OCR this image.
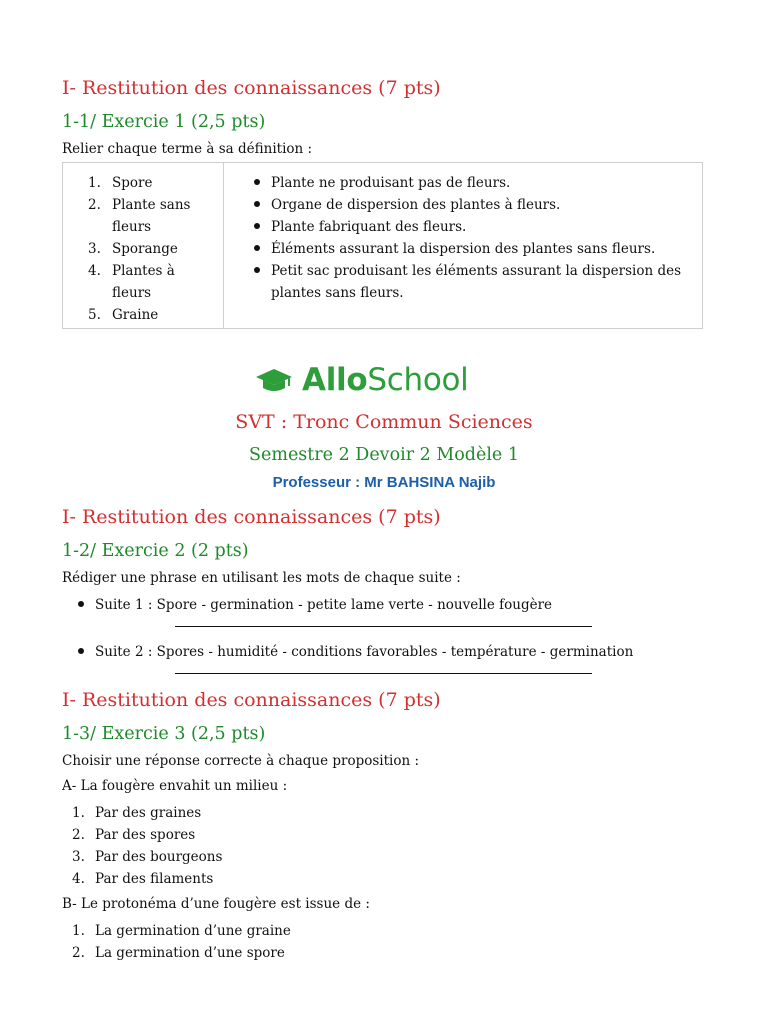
I- Restitution des connaissances (7 pts)
1-1/ Exercie 1 (2,5 pts)
Relier chaque terme à sa définition :
1. Spore
2. Plante sans
fleurs
3. Sporange
4. Plantes à
fleurs
5. Graine
Plante ne produisant pas de fleurs.
Organe de dispersion des plantes à fleurs.
Plante fabriquant des fleurs.
Éléments assurant la dispersion des plantes sans fleurs.
Petit sac produisant les éléments assurant la dispersion des plantes sans fleurs.
AlloSchool
SVT : Tronc Commun Sciences
Semestre 2 Devoir 2 Modèle 1
Professeur : Mr BAHSINA Najib
I- Restitution des connaissances (7 pts)
1-2/ Exercie 2 (2 pts)
Rédiger une phrase en utilisant les mots de chaque suite :
Suite 1 : Spore - germination - petite lame verte - nouvelle fougère
Suite 2 : Spores - humidité - conditions favorables - température - germination
I- Restitution des connaissances (7 pts)
1-3/ Exercie 3 (2,5 pts)
Choisir une réponse correcte à chaque proposition :
A- La fougère envahit un milieu :
1. Par des graines
2. Par des spores
3. Par des bourgeons
4. Par des filaments
B- Le protonéma d’une fougère est issue de :
1. La germination d’une graine
2. La germination d’une spore
